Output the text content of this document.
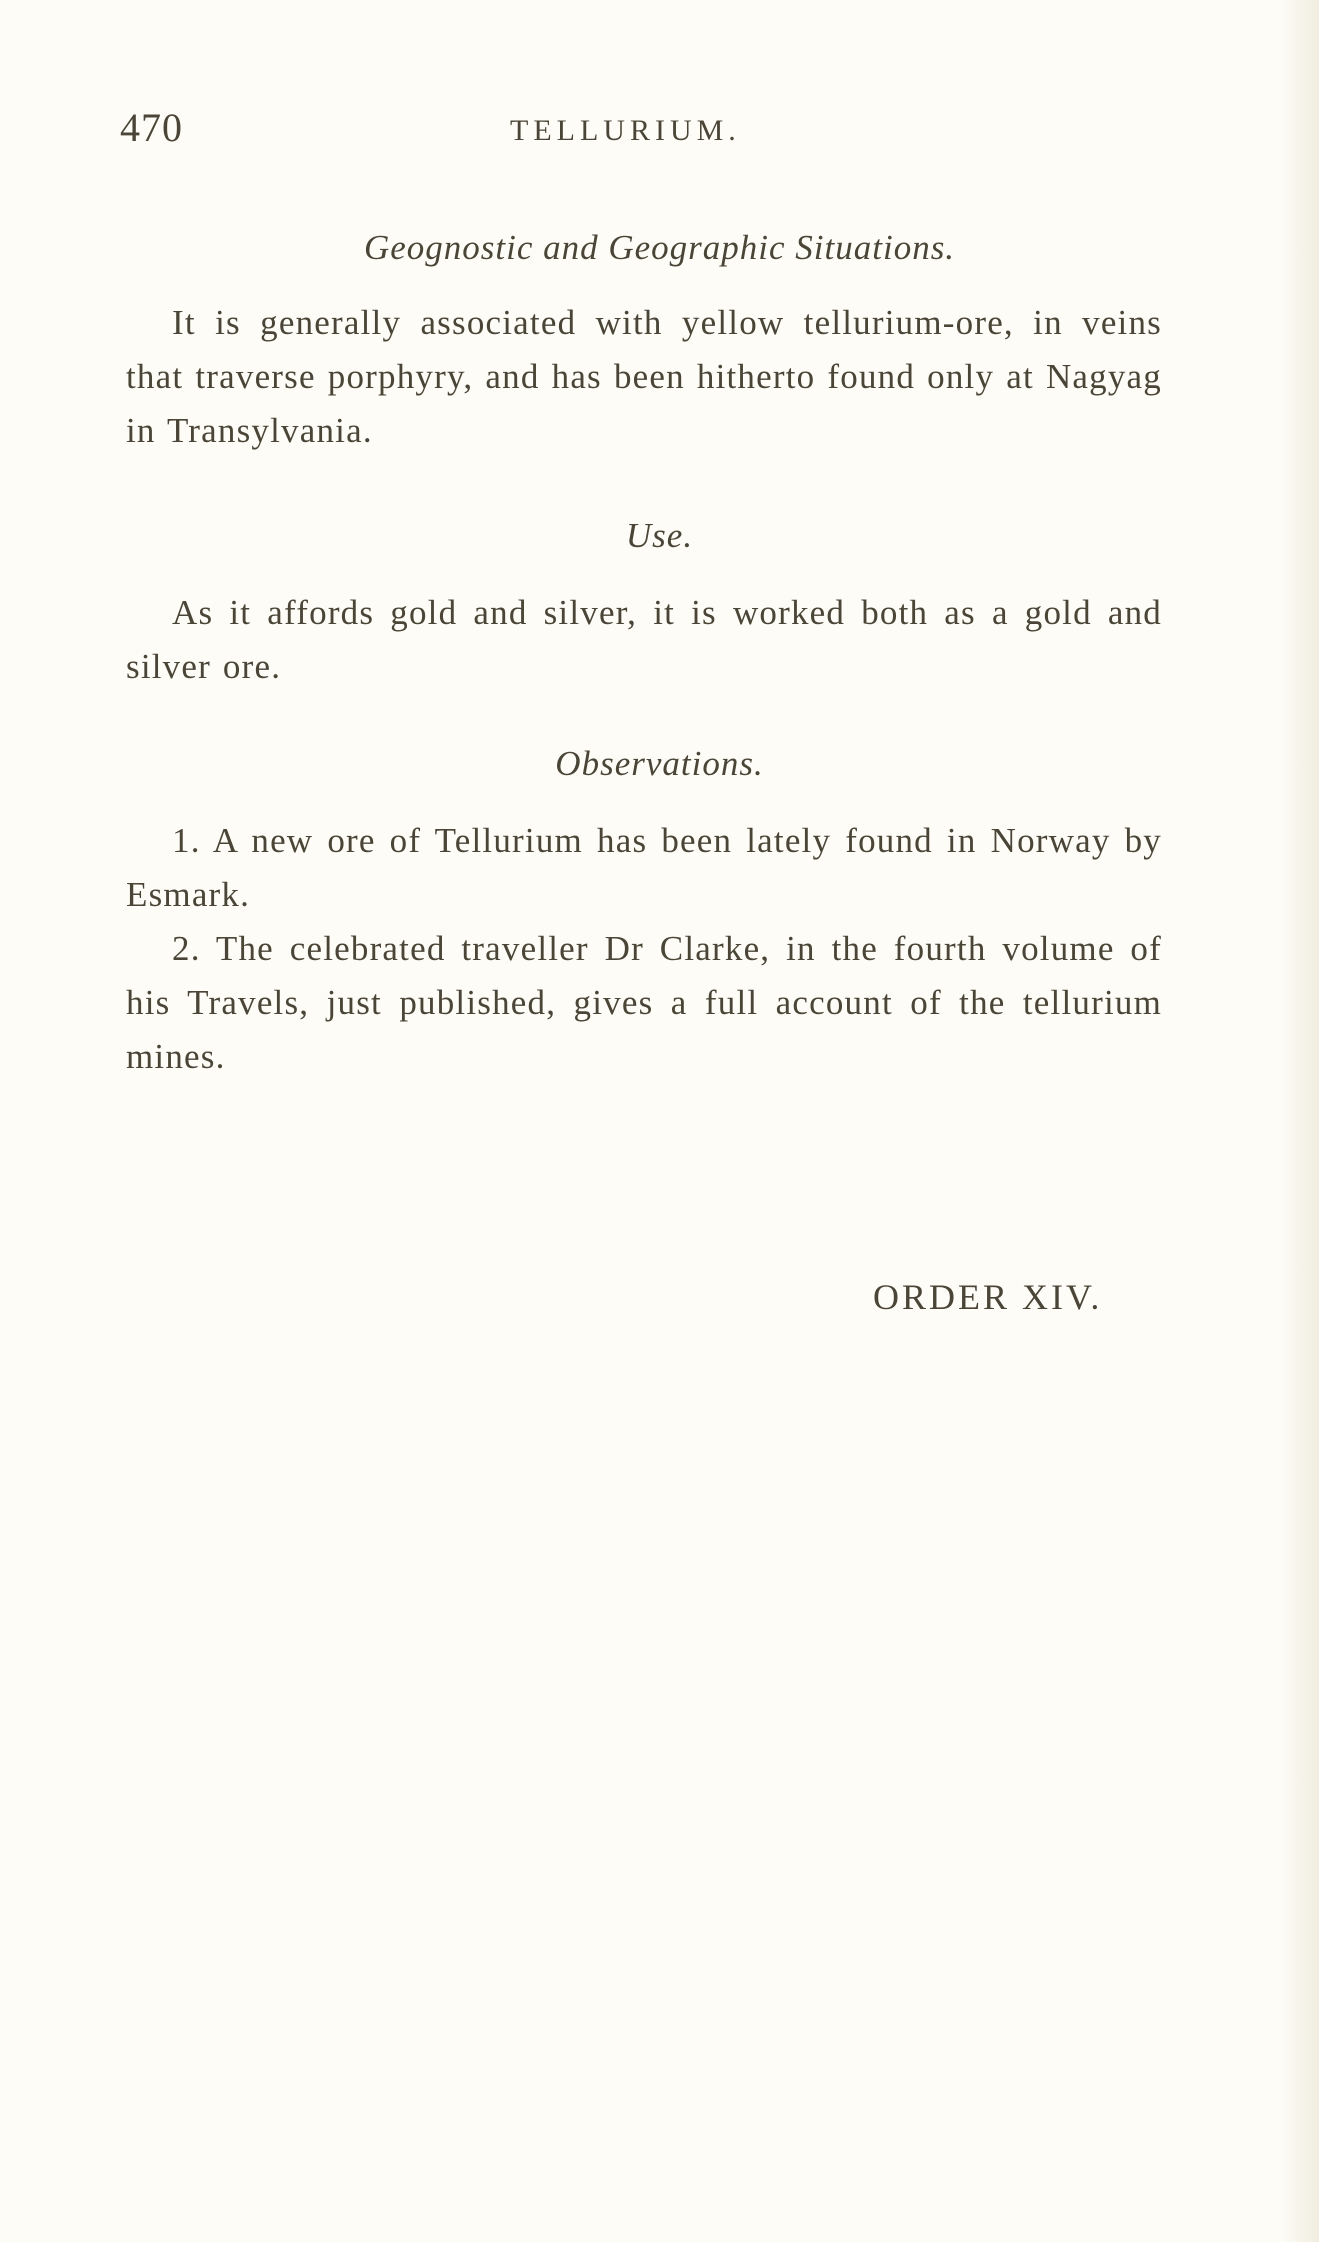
470	TELLURIUM.
Geognostic and Geographic Situations.

It is generally associated with yellow tellurium-ore, in veins that traverse porphyry, and has been hitherto found only at Nagyag in Transylvania.

Use.

As it affords gold and silver, it is worked both as a gold and silver ore.

Observations.

1. A new ore of Tellurium has been lately found in Norway by Esmark.

2. The celebrated traveller Dr Clarke, in the fourth volume of his Travels, just published, gives a full account of the tellurium mines.

ORDER XIV.
